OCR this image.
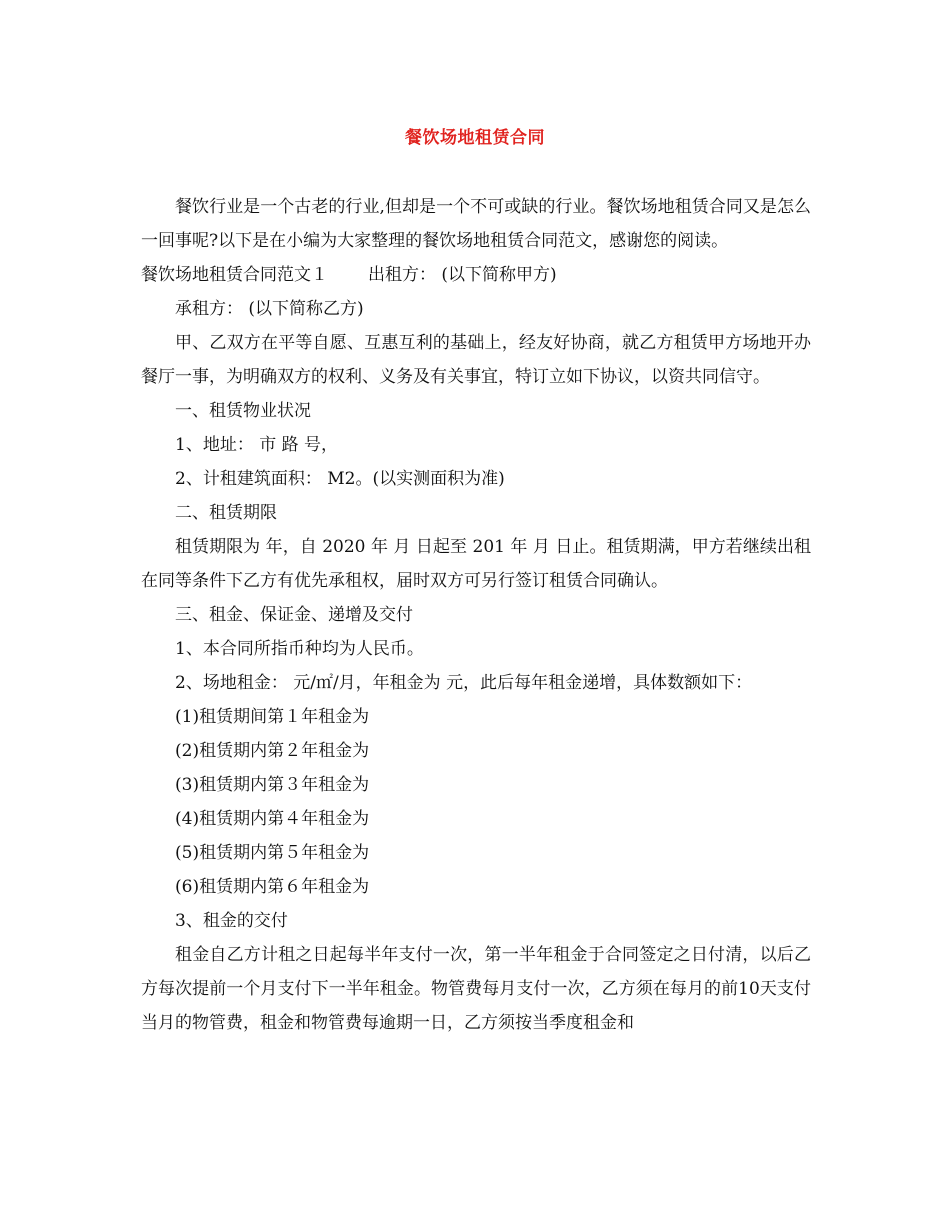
餐饮场地租赁合同

餐饮行业是一个古老的行业,但却是一个不可或缺的行业。餐饮场地租赁合同又是怎么一回事呢?以下是在小编为大家整理的餐饮场地租赁合同范文，感谢您的阅读。

餐饮场地租赁合同范文１ 出租方： (以下简称甲方)

承租方： (以下简称乙方)

甲、乙双方在平等自愿、互惠互利的基础上，经友好协商，就乙方租赁甲方场地开办餐厅一事，为明确双方的权利、义务及有关事宜，特订立如下协议，以资共同信守。

一、租赁物业状况

1、地址： 市 路 号，

2、计租建筑面积： M2。(以实测面积为准)

二、租赁期限

租赁期限为 年，自 2020 年 月 日起至 201 年 月 日止。租赁期满，甲方若继续出租在同等条件下乙方有优先承租权，届时双方可另行签订租赁合同确认。

三、租金、保证金、递增及交付

1、本合同所指币种均为人民币。

2、场地租金： 元/㎡/月，年租金为 元，此后每年租金递增，具体数额如下：

(1)租赁期间第１年租金为

(2)租赁期内第２年租金为

(3)租赁期内第３年租金为

(4)租赁期内第４年租金为

(5)租赁期内第５年租金为

(6)租赁期内第６年租金为

3、租金的交付

租金自乙方计租之日起每半年支付一次，第一半年租金于合同签定之日付清，以后乙方每次提前一个月支付下一半年租金。物管费每月支付一次，乙方须在每月的前10天支付当月的物管费，租金和物管费每逾期一日，乙方须按当季度租金和
